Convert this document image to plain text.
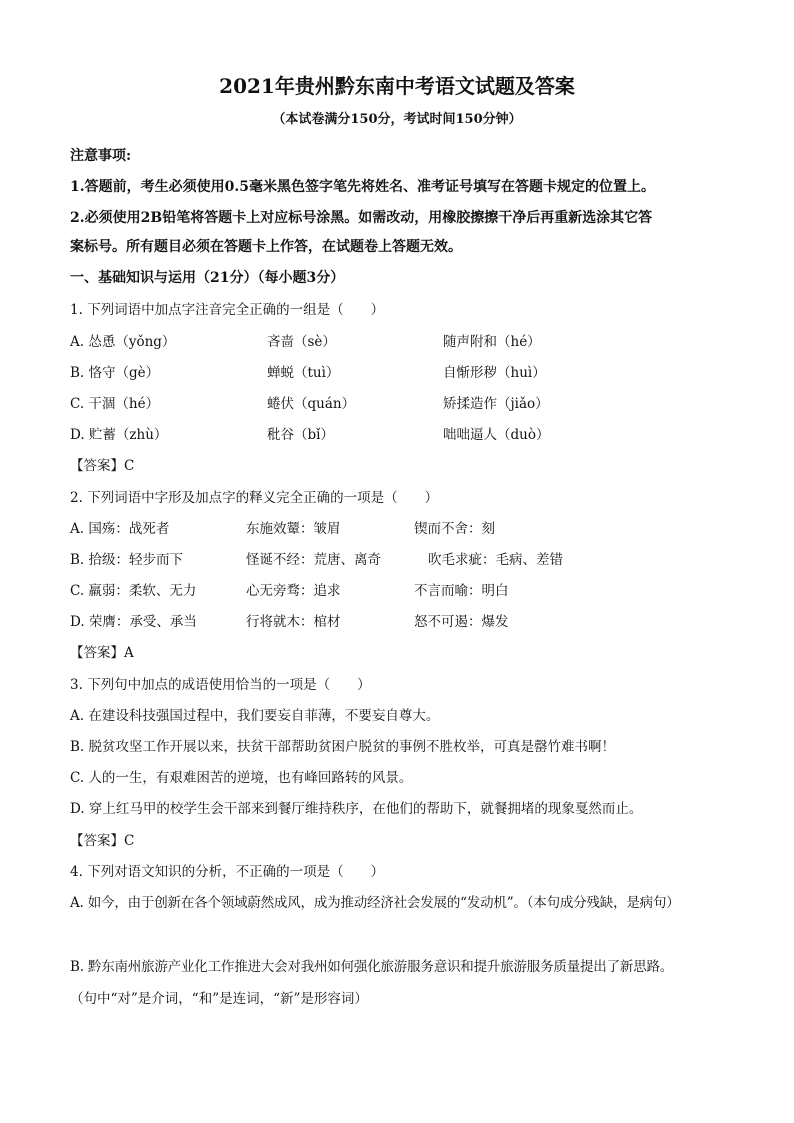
2021年贵州黔东南中考语文试题及答案
（本试卷满分150分，考试时间150分钟）
注意事项:
1.答题前，考生必须使用0.5毫米黑色签字笔先将姓名、准考证号填写在答题卡规定的位置上。
2.必须使用2B铅笔将答题卡上对应标号涂黑。如需改动，用橡胶擦擦干净后再重新选涂其它答
案标号。所有题目必须在答题卡上作答，在试题卷上答题无效。
一、基础知识与运用（21分）（每小题3分）
1. 下列词语中加点字注音完全正确的一组是（　　）
A. 怂恿（yǒng）	吝啬（sè）	随声附和（hé）
B. 恪守（gè）	蝉蜕（tuì）	自惭形秽（huì）
C. 干涸（hé）	蜷伏（quán）	矫揉造作（jiǎo）
D. 贮蓄（zhù）	秕谷（bǐ）	咄咄逼人（duò）
【答案】C
2. 下列词语中字形及加点字的释义完全正确的一项是（　　）
A. 国殇：战死者	东施效颦：皱眉	锲而不舍：刻
B. 拾级：轻步而下	怪诞不经：荒唐、离奇	吹毛求疵：毛病、差错
C. 羸弱：柔软、无力	心无旁骛：追求	不言而喻：明白
D. 荣膺：承受、承当	行将就木：棺材	怒不可遏：爆发
【答案】A
3. 下列句中加点的成语使用恰当的一项是（　　）
A. 在建设科技强国过程中，我们要妄自菲薄，不要妄自尊大。
B. 脱贫攻坚工作开展以来，扶贫干部帮助贫困户脱贫的事例不胜枚举，可真是罄竹难书啊！
C. 人的一生，有艰难困苦的逆境，也有峰回路转的风景。
D. 穿上红马甲的校学生会干部来到餐厅维持秩序，在他们的帮助下，就餐拥堵的现象戛然而止。
【答案】C
4. 下列对语文知识的分析，不正确的一项是（　　）
A. 如今，由于创新在各个领域蔚然成风，成为推动经济社会发展的“发动机”。（本句成分残缺，是病句）
B. 黔东南州旅游产业化工作推进大会对我州如何强化旅游服务意识和提升旅游服务质量提出了新思路。
（句中“对”是介词，“和”是连词，“新”是形容词）
